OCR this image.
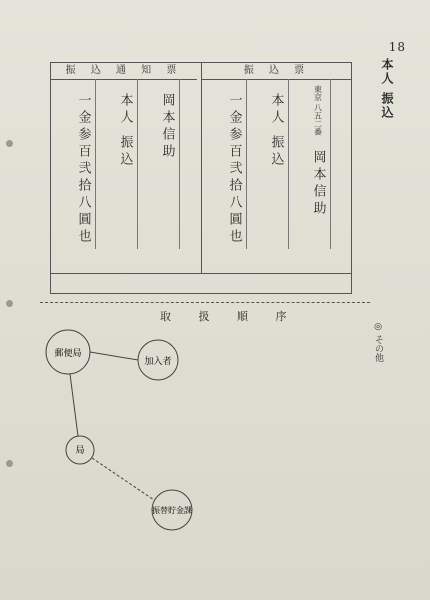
18
本人 振込
振 込 通 知 票
一金参百弐拾八圓也 本人 振込 岡本信助
振 込 票
一金参百弐拾八圓也 本人 振込	東京 八五二番
岡本信助
取 扱 順 序
郵便局
加入者
局
振替貯金課
◎ その他
